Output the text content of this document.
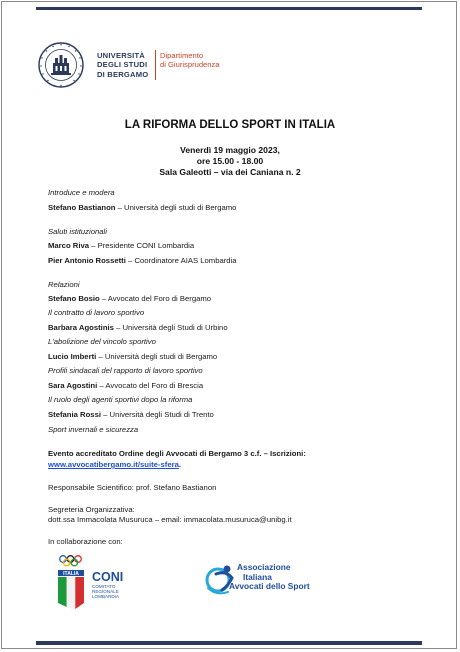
UNIVERSITÀ
DEGLI STUDI
DI BERGAMO
Dipartimento
di Giurisprudenza
LA RIFORMA DELLO SPORT IN ITALIA
Venerdì 19 maggio 2023,
ore 15.00 - 18.00
Sala Galeotti – via dei Caniana n. 2
Introduce e modera
Stefano Bastianon – Università degli studi di Bergamo
Saluti istituzionali
Marco Riva – Presidente CONI Lombardia
Pier Antonio Rossetti – Coordinatore AIAS Lombardia
Relazioni
Stefano Bosio – Avvocato del Foro di Bergamo
Il contratto di lavoro sportivo
Barbara Agostinis – Università degli Studi di Urbino
L'abolizione del vincolo sportivo
Lucio Imberti – Università degli studi di Bergamo
Profili sindacali del rapporto di lavoro sportivo
Sara Agostini – Avvocato del Foro di Brescia
Il ruolo degli agenti sportivi dopo la riforma
Stefania Rossi – Università degli Studi di Trento
Sport invernali e sicurezza
Evento accreditato Ordine degli Avvocati di Bergamo 3 c.f. – Iscrizioni:
www.avvocatibergamo.it/suite-sfera.
Responsabile Scientifico: prof. Stefano Bastianon
Segreteria Organizzativa:
dott.ssa Immacolata Musuruca – email: immacolata.musuruca@unibg.it
In collaborazione con:
ITALIA CONI
COMITATO
REGIONALE
LOMBARDIA
Associazione
Italiana
Avvocati dello Sport
